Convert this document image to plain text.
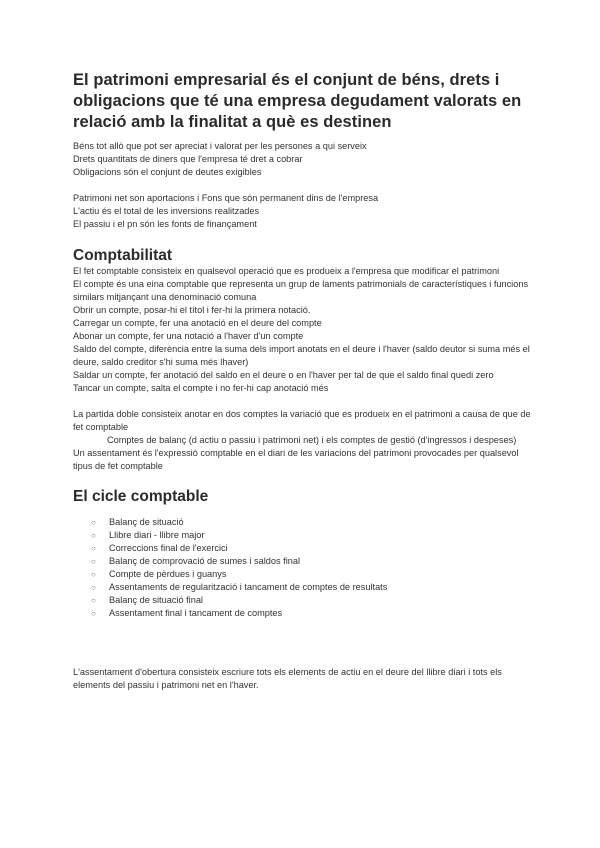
El patrimoni empresarial és el conjunt de béns, drets i obligacions que té una empresa degudament valorats en relació amb la finalitat a què es destinen

Béns tot allò que pot ser apreciat i valorat per les persones a qui serveix

Drets quantitats de diners que l'empresa té dret a cobrar

Obligacions són el conjunt de deutes exigibles

Patrimoni net son aportacions i Fons que són permanent dins de l'empresa

L'actiu és el total de les inversions realitzades

El passiu i el pn són les fonts de finançament

Comptabilitat

El fet comptable consisteix en qualsevol operació que es produeix a l'empresa que modificar el patrimoni

El compte és una eina comptable que representa un grup de laments patrimonials de característiques i funcions similars mitjançant una denominació comuna

Obrir un compte, posar-hi el títol i fer-hi la primera notació.

Carregar un compte, fer una anotació en el deure del compte

Abonar un compte, fer una notació a l'haver d'un compte

Saldo del compte, diferència entre la suma dels import anotats en el deure i l'haver (saldo deutor si suma més el deure, saldo creditor s'hi suma més lhaver)

Saldar un compte, fer anotació del saldo en el deure o en l'haver per tal de que el saldo final quedi zero

Tancar un compte, salta el compte i no fer-hi cap anotació més

La partida doble consisteix anotar en dos comptes la variació que es produeix en el patrimoni a causa de que de fet comptable

Comptes de balanç (d actiu o passiu i patrimoni net) i els comptes de gestió (d'ingressos i despeses)

Un assentament és l'expressió comptable en el diari de les variacions del patrimoni provocades per qualsevol tipus de fet comptable

El cicle comptable
○	Balanç de situació
○	Llibre diari - llibre major
○	Correccions final de l'exercici
○	Balanç de comprovació de sumes i saldos final
○	Compte de pèrdues i guanys
○	Assentaments de regularització i tancament de comptes de resultats
○	Balanç de situació final
○	Assentament final i tancament de comptes

L'assentament d'obertura consisteix escriure tots els elements de actiu en el deure del llibre diari i tots els elements del passiu i patrimoni net en l'haver.
